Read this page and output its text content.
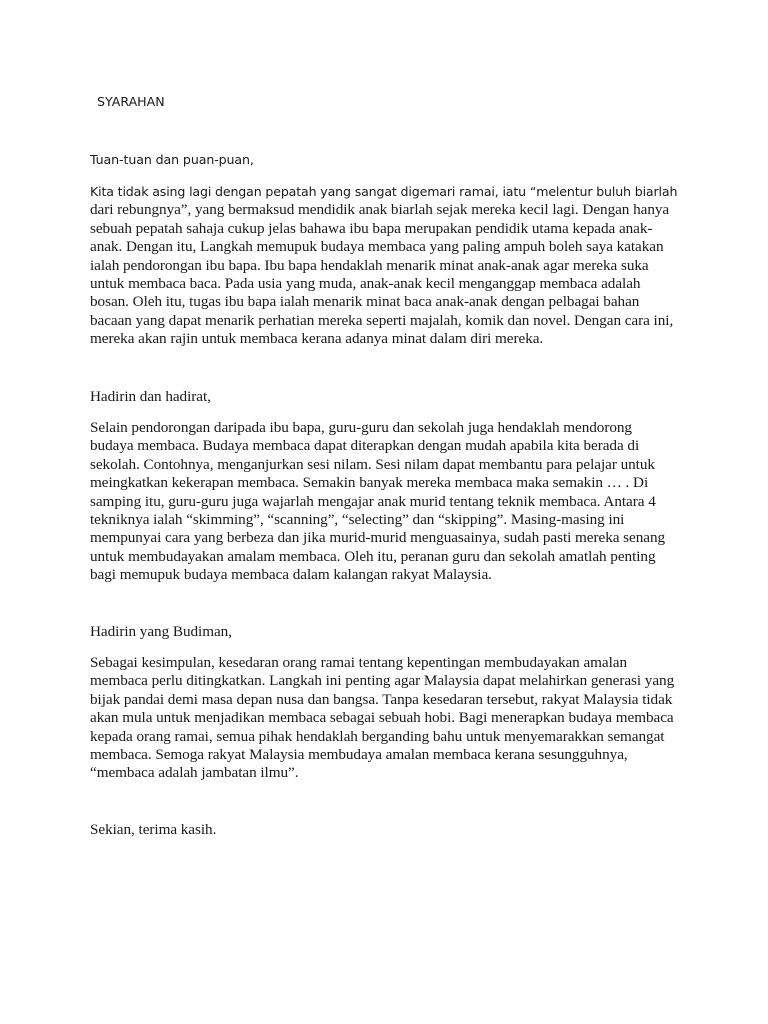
SYARAHAN

Tuan-tuan dan puan-puan,

Kita tidak asing lagi dengan pepatah yang sangat digemari ramai, iatu “melentur buluh biarlah
dari rebungnya”, yang bermaksud mendidik anak biarlah sejak mereka kecil lagi. Dengan hanya
sebuah pepatah sahaja cukup jelas bahawa ibu bapa merupakan pendidik utama kepada anak-
anak. Dengan itu, Langkah memupuk budaya membaca yang paling ampuh boleh saya katakan
ialah pendorongan ibu bapa. Ibu bapa hendaklah menarik minat anak-anak agar mereka suka
untuk membaca baca. Pada usia yang muda, anak-anak kecil menganggap membaca adalah
bosan. Oleh itu, tugas ibu bapa ialah menarik minat baca anak-anak dengan pelbagai bahan
bacaan yang dapat menarik perhatian mereka seperti majalah, komik dan novel. Dengan cara ini,
mereka akan rajin untuk membaca kerana adanya minat dalam diri mereka.

Hadirin dan hadirat,

Selain pendorongan daripada ibu bapa, guru-guru dan sekolah juga hendaklah mendorong
budaya membaca. Budaya membaca dapat diterapkan dengan mudah apabila kita berada di
sekolah. Contohnya, menganjurkan sesi nilam. Sesi nilam dapat membantu para pelajar untuk
meingkatkan kekerapan membaca. Semakin banyak mereka membaca maka semakin … . Di
samping itu, guru-guru juga wajarlah mengajar anak murid tentang teknik membaca. Antara 4
tekniknya ialah “skimming”, “scanning”, “selecting” dan “skipping”. Masing-masing ini
mempunyai cara yang berbeza dan jika murid-murid menguasainya, sudah pasti mereka senang
untuk membudayakan amalam membaca. Oleh itu, peranan guru dan sekolah amatlah penting
bagi memupuk budaya membaca dalam kalangan rakyat Malaysia.

Hadirin yang Budiman,

Sebagai kesimpulan, kesedaran orang ramai tentang kepentingan membudayakan amalan
membaca perlu ditingkatkan. Langkah ini penting agar Malaysia dapat melahirkan generasi yang
bijak pandai demi masa depan nusa dan bangsa. Tanpa kesedaran tersebut, rakyat Malaysia tidak
akan mula untuk menjadikan membaca sebagai sebuah hobi. Bagi menerapkan budaya membaca
kepada orang ramai, semua pihak hendaklah berganding bahu untuk menyemarakkan semangat
membaca. Semoga rakyat Malaysia membudaya amalan membaca kerana sesungguhnya,
“membaca adalah jambatan ilmu”.

Sekian, terima kasih.
